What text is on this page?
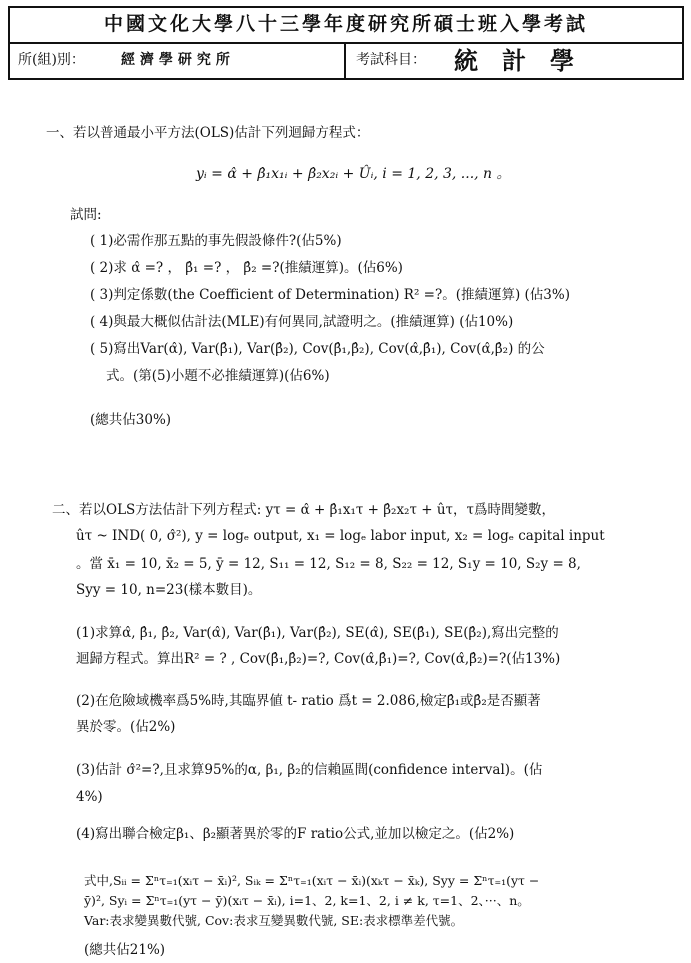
中國文化大學八十三學年度研究所碩士班入學考試
所(組)別：	經濟學研究所	考試科目： 統計學
一、若以普通最小平方法(OLS)估計下列迴歸方程式：
yᵢ = α̂ + β̂₁x₁ᵢ + β̂₂x₂ᵢ + Ûᵢ, i = 1, 2, 3, ..., n 。
試問:
( 1)必需作那五點的事先假設條件?(佔5%)
( 2)求 α̂ =? ， β̂₁ =? ， β̂₂ =?(推績運算)。(佔6%)
( 3)判定係數(the Coefficient of Determination) R² =?。(推績運算) (佔3%)
( 4)與最大概似估計法(MLE)有何異同,試證明之。(推績運算) (佔10%)
( 5)寫出Var(α̂), Var(β̂₁), Var(β̂₂), Cov(β̂₁,β̂₂), Cov(α̂,β̂₁), Cov(α̂,β̂₂) 的公
式。(第(5)小題不必推績運算)(佔6%)
(總共佔30%)
二、若以OLS方法估計下列方程式: yτ = α̂ + β̂₁x₁τ + β̂₂x₂τ + ûτ，τ爲時間變數，
ûτ ~ IND( 0, σ̂²), y = logₑ output, x₁ = logₑ labor input, x₂ = logₑ capital input
。當 x̄₁ = 10, x̄₂ = 5, ȳ = 12, S₁₁ = 12, S₁₂ = 8, S₂₂ = 12, S₁y = 10, S₂y = 8,
Syy = 10, n=23(樣本數目)。
(1)求算α̂, β̂₁, β̂₂, Var(α̂), Var(β̂₁), Var(β̂₂), SE(α̂), SE(β̂₁), SE(β̂₂),寫出完整的
迴歸方程式。算出R² = ? , Cov(β̂₁,β̂₂)=?, Cov(α̂,β̂₁)=?, Cov(α̂,β̂₂)=?(佔13%)
(2)在危險域機率爲5%時,其臨界値 t- ratio 爲t = 2.086,檢定β̂₁或β̂₂是否顯著
異於零。(佔2%)
(3)估計 σ̂²=?,且求算95%的α, β₁, β₂的信賴區間(confidence interval)。(佔
4%)
(4)寫出聯合檢定β₁、β₂顯著異於零的F ratio公式,並加以檢定之。(佔2%)
式中,Sᵢᵢ = Σⁿτ₌₁(xᵢτ − x̄ᵢ)², Sᵢₖ = Σⁿτ₌₁(xᵢτ − x̄ᵢ)(xₖτ − x̄ₖ), Syy = Σⁿτ₌₁(yτ −
ȳ)², Syᵢ = Σⁿτ₌₁(yτ − ȳ)(xᵢτ − x̄ᵢ), i=1、2, k=1、2, i ≠ k, τ=1、2、···、n。
Var:表求變異數代號, Cov:表求互變異數代號, SE:表求標準差代號。
(總共佔21%)
